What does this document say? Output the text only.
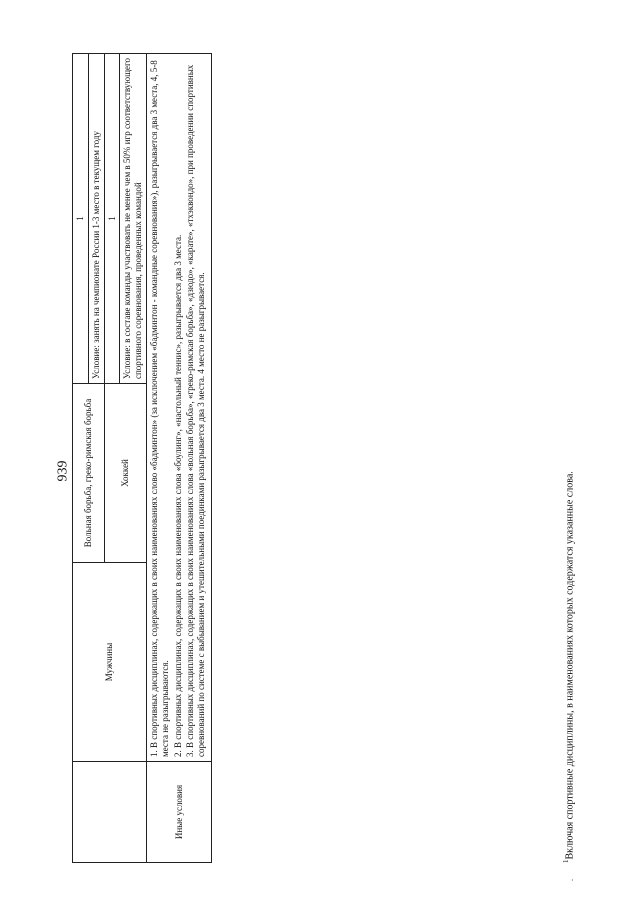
939
	Мужчины	Вольная борьба, греко-римская борьба	1
			Условие: занять на чемпионате России 1-3 место в текущем году
		Хоккей	1
			Условие: в составе команды участвовать не менее чем в 50% игр соответствующего спортивного соревнования, проведенных командой
Иные условия	1. В спортивных дисциплинах, содержащих в своих наименованиях слово «бадминтон» (за исключением «бадминтон - командные соревнования»), разыгрывается два 3 места, 4, 5-8 места не разыгрываются. 2. В спортивных дисциплинах, содержащих в своих наименованиях слова «боулинг», «настольный теннис», разыгрывается два 3 места. 3. В спортивных дисциплинах, содержащих в своих наименованиях слова «вольная борьба», «греко-римская борьба», «дзюдо», «карате», «тхэквондо», при проведении спортивных соревнований по системе с выбыванием и утешительными поединками разыгрывается два 3 места. 4 место не разыгрывается.		
$^1$Включая спортивные дисциплины, в наименованиях которых содержатся указанные слова.
·
